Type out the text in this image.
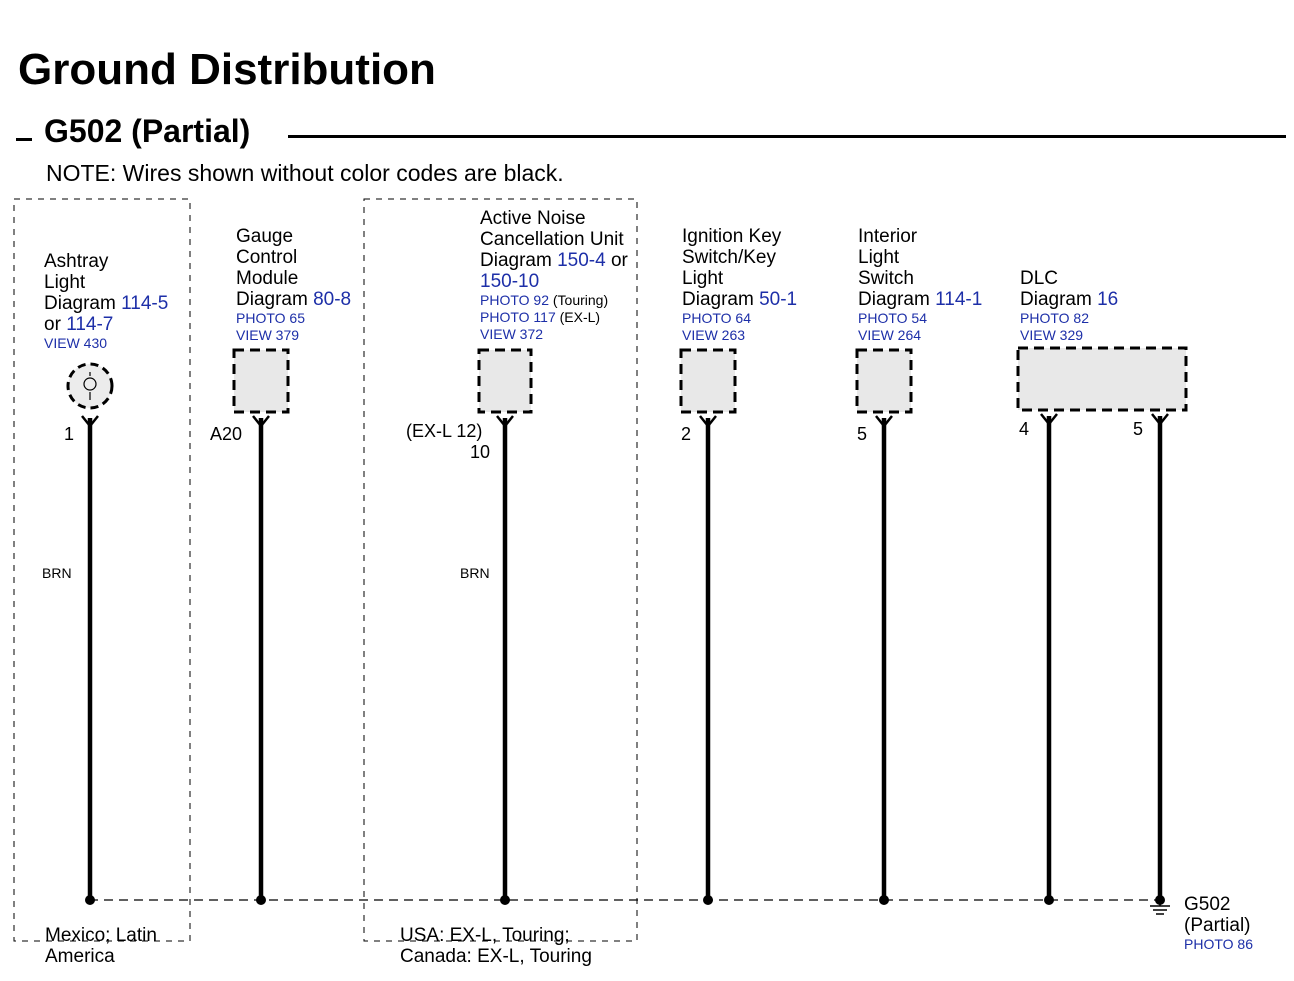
Ground Distribution
G502 (Partial)
NOTE: Wires shown without color codes are black.
Ashtray
Light
Diagram 114-5
or 114-7
VIEW 430
1
BRN
Gauge
Control
Module
Diagram 80-8
PHOTO 65
VIEW 379
A20
Active Noise
Cancellation Unit
Diagram 150-4 or
150-10
PHOTO 92 (Touring)
PHOTO 117 (EX-L)
VIEW 372
(EX-L 12)
10
BRN
Ignition Key
Switch/Key
Light
Diagram 50-1
PHOTO 64
VIEW 263
2
Interior
Light
Switch
Diagram 114-1
PHOTO 54
VIEW 264
5
DLC
Diagram 16
PHOTO 82
VIEW 329
4	5
G502
(Partial)
PHOTO 86
Mexico; Latin
America
USA: EX-L, Touring;
Canada: EX-L, Touring
